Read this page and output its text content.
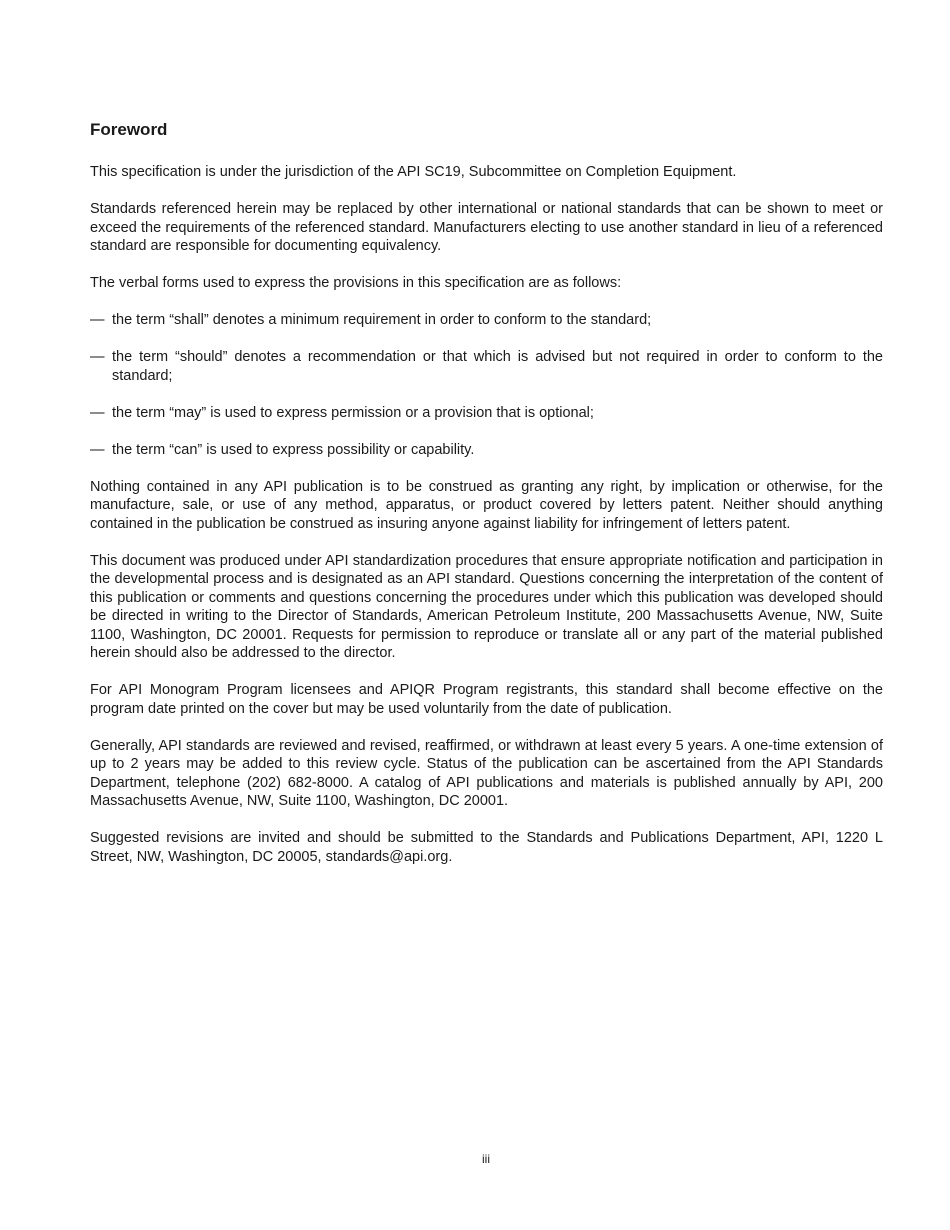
Foreword

This specification is under the jurisdiction of the API SC19, Subcommittee on Completion Equipment.

Standards referenced herein may be replaced by other international or national standards that can be shown to meet or exceed the requirements of the referenced standard. Manufacturers electing to use another standard in lieu of a referenced standard are responsible for documenting equivalency.

The verbal forms used to express the provisions in this specification are as follows:

— the term “shall” denotes a minimum requirement in order to conform to the standard;
— the term “should” denotes a recommendation or that which is advised but not required in order to conform to the standard;
— the term “may” is used to express permission or a provision that is optional;
— the term “can” is used to express possibility or capability.

Nothing contained in any API publication is to be construed as granting any right, by implication or otherwise, for the manufacture, sale, or use of any method, apparatus, or product covered by letters patent. Neither should anything contained in the publication be construed as insuring anyone against liability for infringement of letters patent.

This document was produced under API standardization procedures that ensure appropriate notification and participation in the developmental process and is designated as an API standard. Questions concerning the interpretation of the content of this publication or comments and questions concerning the procedures under which this publication was developed should be directed in writing to the Director of Standards, American Petroleum Institute, 200 Massachusetts Avenue, NW, Suite 1100, Washington, DC 20001. Requests for permission to reproduce or translate all or any part of the material published herein should also be addressed to the director.

For API Monogram Program licensees and APIQR Program registrants, this standard shall become effective on the program date printed on the cover but may be used voluntarily from the date of publication.

Generally, API standards are reviewed and revised, reaffirmed, or withdrawn at least every 5 years. A one-time extension of up to 2 years may be added to this review cycle. Status of the publication can be ascertained from the API Standards Department, telephone (202) 682-8000. A catalog of API publications and materials is published annually by API, 200 Massachusetts Avenue, NW, Suite 1100, Washington, DC 20001.

Suggested revisions are invited and should be submitted to the Standards and Publications Department, API, 1220 L Street, NW, Washington, DC 20005, standards@api.org.

iii
